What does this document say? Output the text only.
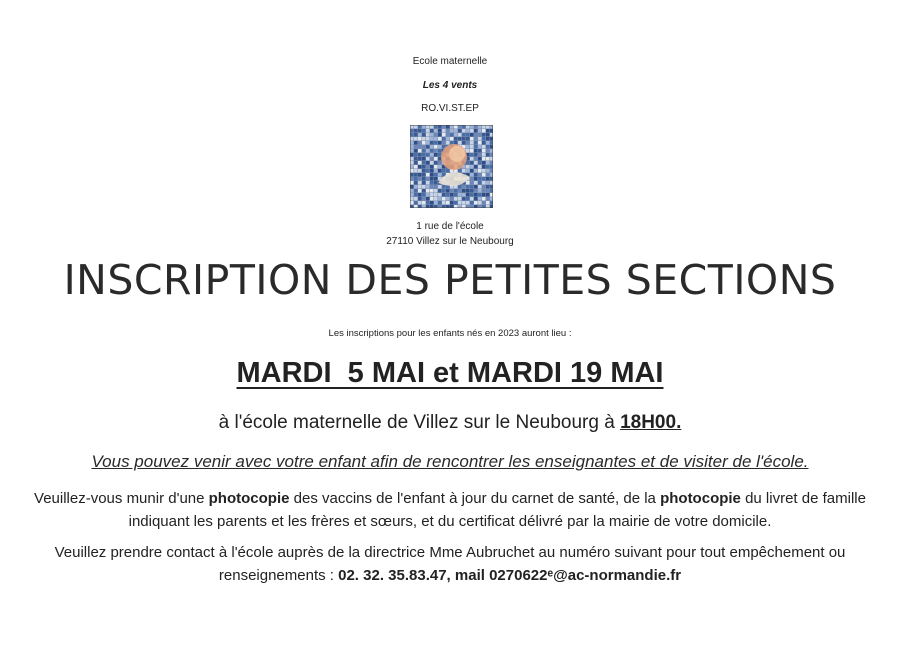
Ecole maternelle
Les 4 vents
RO.VI.ST.EP
1 rue de l'école
27110 Villez sur le Neubourg
INSCRIPTION DES PETITES SECTIONS
Les inscriptions pour les enfants nés en 2023 auront lieu :
MARDI  5 MAI et MARDI 19 MAI
à l'école maternelle de Villez sur le Neubourg à 18H00.
Vous pouvez venir avec votre enfant afin de rencontrer les enseignantes et de visiter de l'école.
Veuillez-vous munir d'une photocopie des vaccins de l'enfant à jour du carnet de santé, de la photocopie du livret de famille indiquant les parents et les frères et sœurs, et du certificat délivré par la mairie de votre domicile.
Veuillez prendre contact à l'école auprès de la directrice Mme Aubruchet au numéro suivant pour tout empêchement ou renseignements : 02. 32. 35.83.47, mail 0270622ᵉ@ac-normandie.fr
